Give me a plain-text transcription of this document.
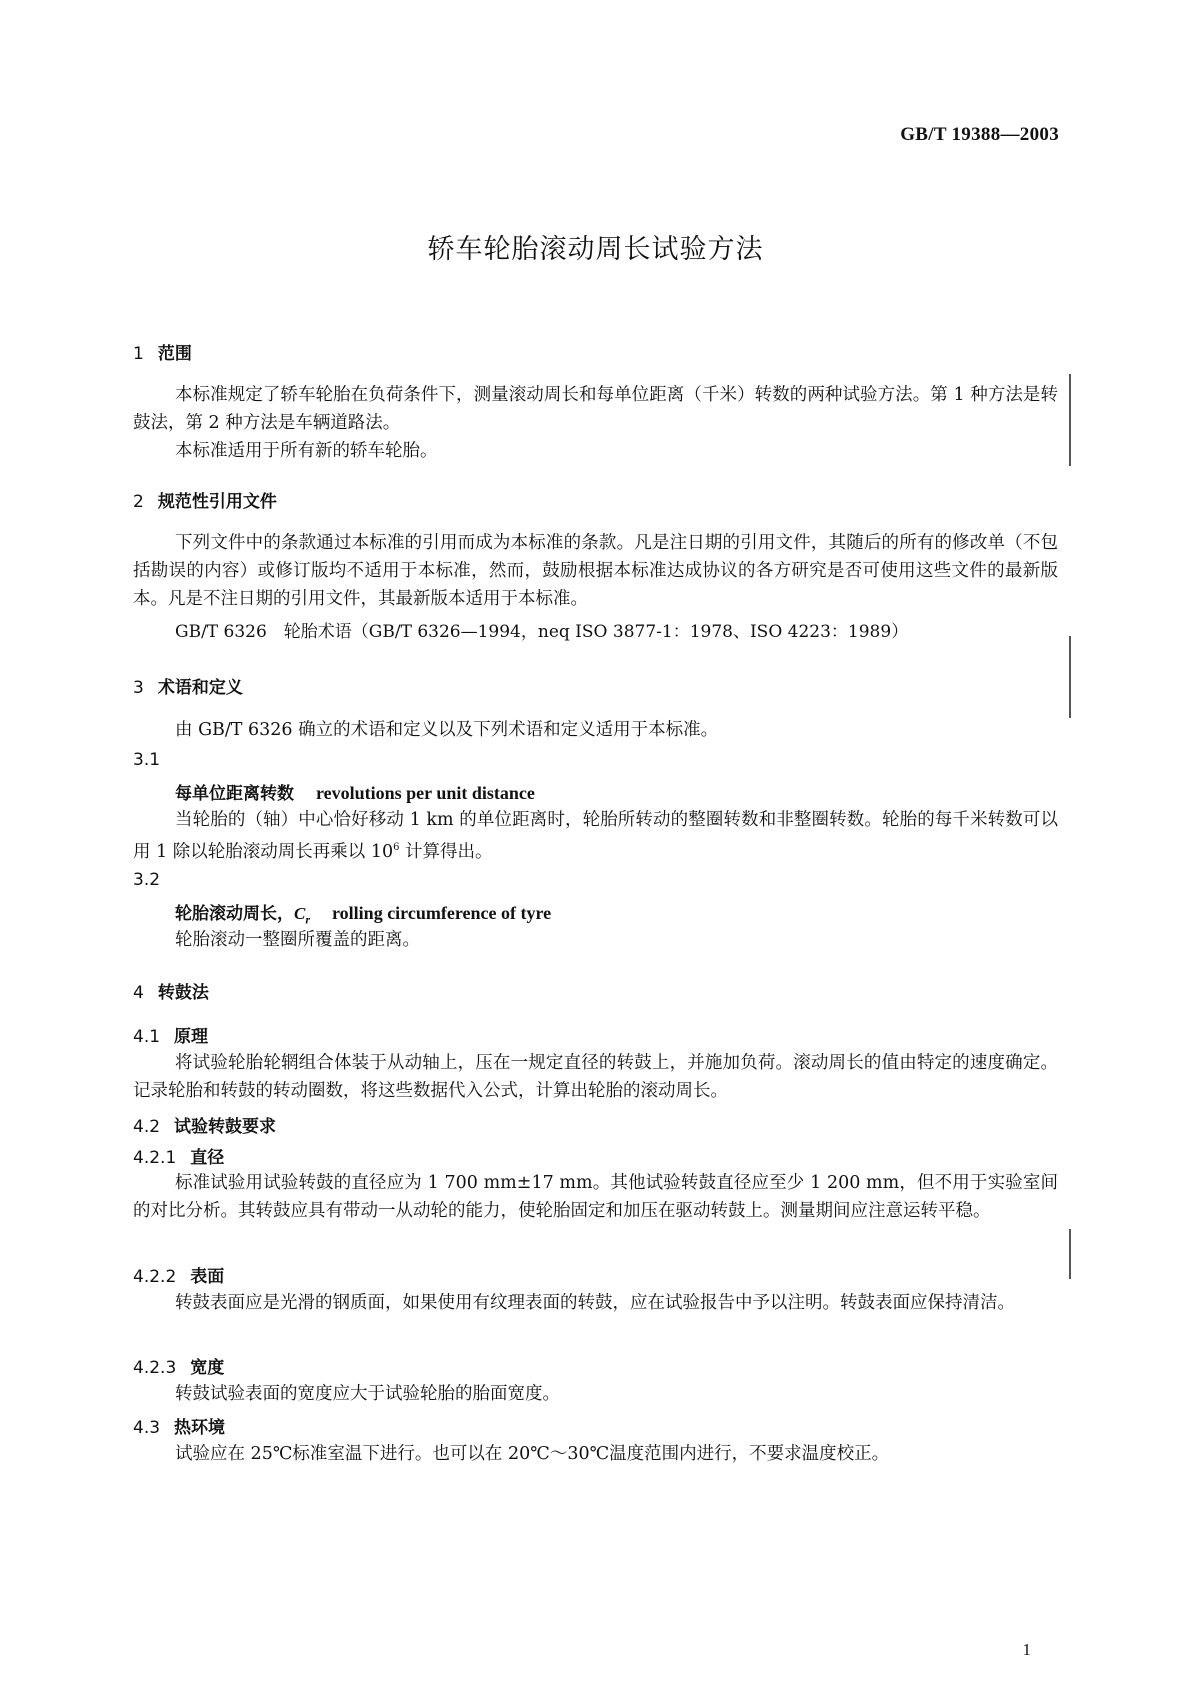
GB/T 19388—2003
轿车轮胎滚动周长试验方法
1 范围
本标准规定了轿车轮胎在负荷条件下，测量滚动周长和每单位距离（千米）转数的两种试验方法。第 1 种方法是转鼓法，第 2 种方法是车辆道路法。
本标准适用于所有新的轿车轮胎。
2 规范性引用文件
下列文件中的条款通过本标准的引用而成为本标准的条款。凡是注日期的引用文件，其随后的所有的修改单（不包括勘误的内容）或修订版均不适用于本标准，然而，鼓励根据本标准达成协议的各方研究是否可使用这些文件的最新版本。凡是不注日期的引用文件，其最新版本适用于本标准。
GB/T 6326　轮胎术语（GB/T 6326—1994，neq ISO 3877-1：1978、ISO 4223：1989）
3 术语和定义
由 GB/T 6326 确立的术语和定义以及下列术语和定义适用于本标准。
3.1
每单位距离转数 revolutions per unit distance
当轮胎的（轴）中心恰好移动 1 km 的单位距离时，轮胎所转动的整圈转数和非整圈转数。轮胎的每千米转数可以用 1 除以轮胎滚动周长再乘以 $10^6$ 计算得出。
3.2
轮胎滚动周长，$C_r$ rolling circumference of tyre
轮胎滚动一整圈所覆盖的距离。
4 转鼓法
4.1 原理
将试验轮胎轮辋组合体装于从动轴上，压在一规定直径的转鼓上，并施加负荷。滚动周长的值由特定的速度确定。记录轮胎和转鼓的转动圈数，将这些数据代入公式，计算出轮胎的滚动周长。
4.2 试验转鼓要求
4.2.1 直径
标准试验用试验转鼓的直径应为 1 700 mm±17 mm。其他试验转鼓直径应至少 1 200 mm，但不用于实验室间的对比分析。其转鼓应具有带动一从动轮的能力，使轮胎固定和加压在驱动转鼓上。测量期间应注意运转平稳。
4.2.2 表面
转鼓表面应是光滑的钢质面，如果使用有纹理表面的转鼓，应在试验报告中予以注明。转鼓表面应保持清洁。
4.2.3 宽度
转鼓试验表面的宽度应大于试验轮胎的胎面宽度。
4.3 热环境
试验应在 25℃标准室温下进行。也可以在 20℃～30℃温度范围内进行，不要求温度校正。
1
